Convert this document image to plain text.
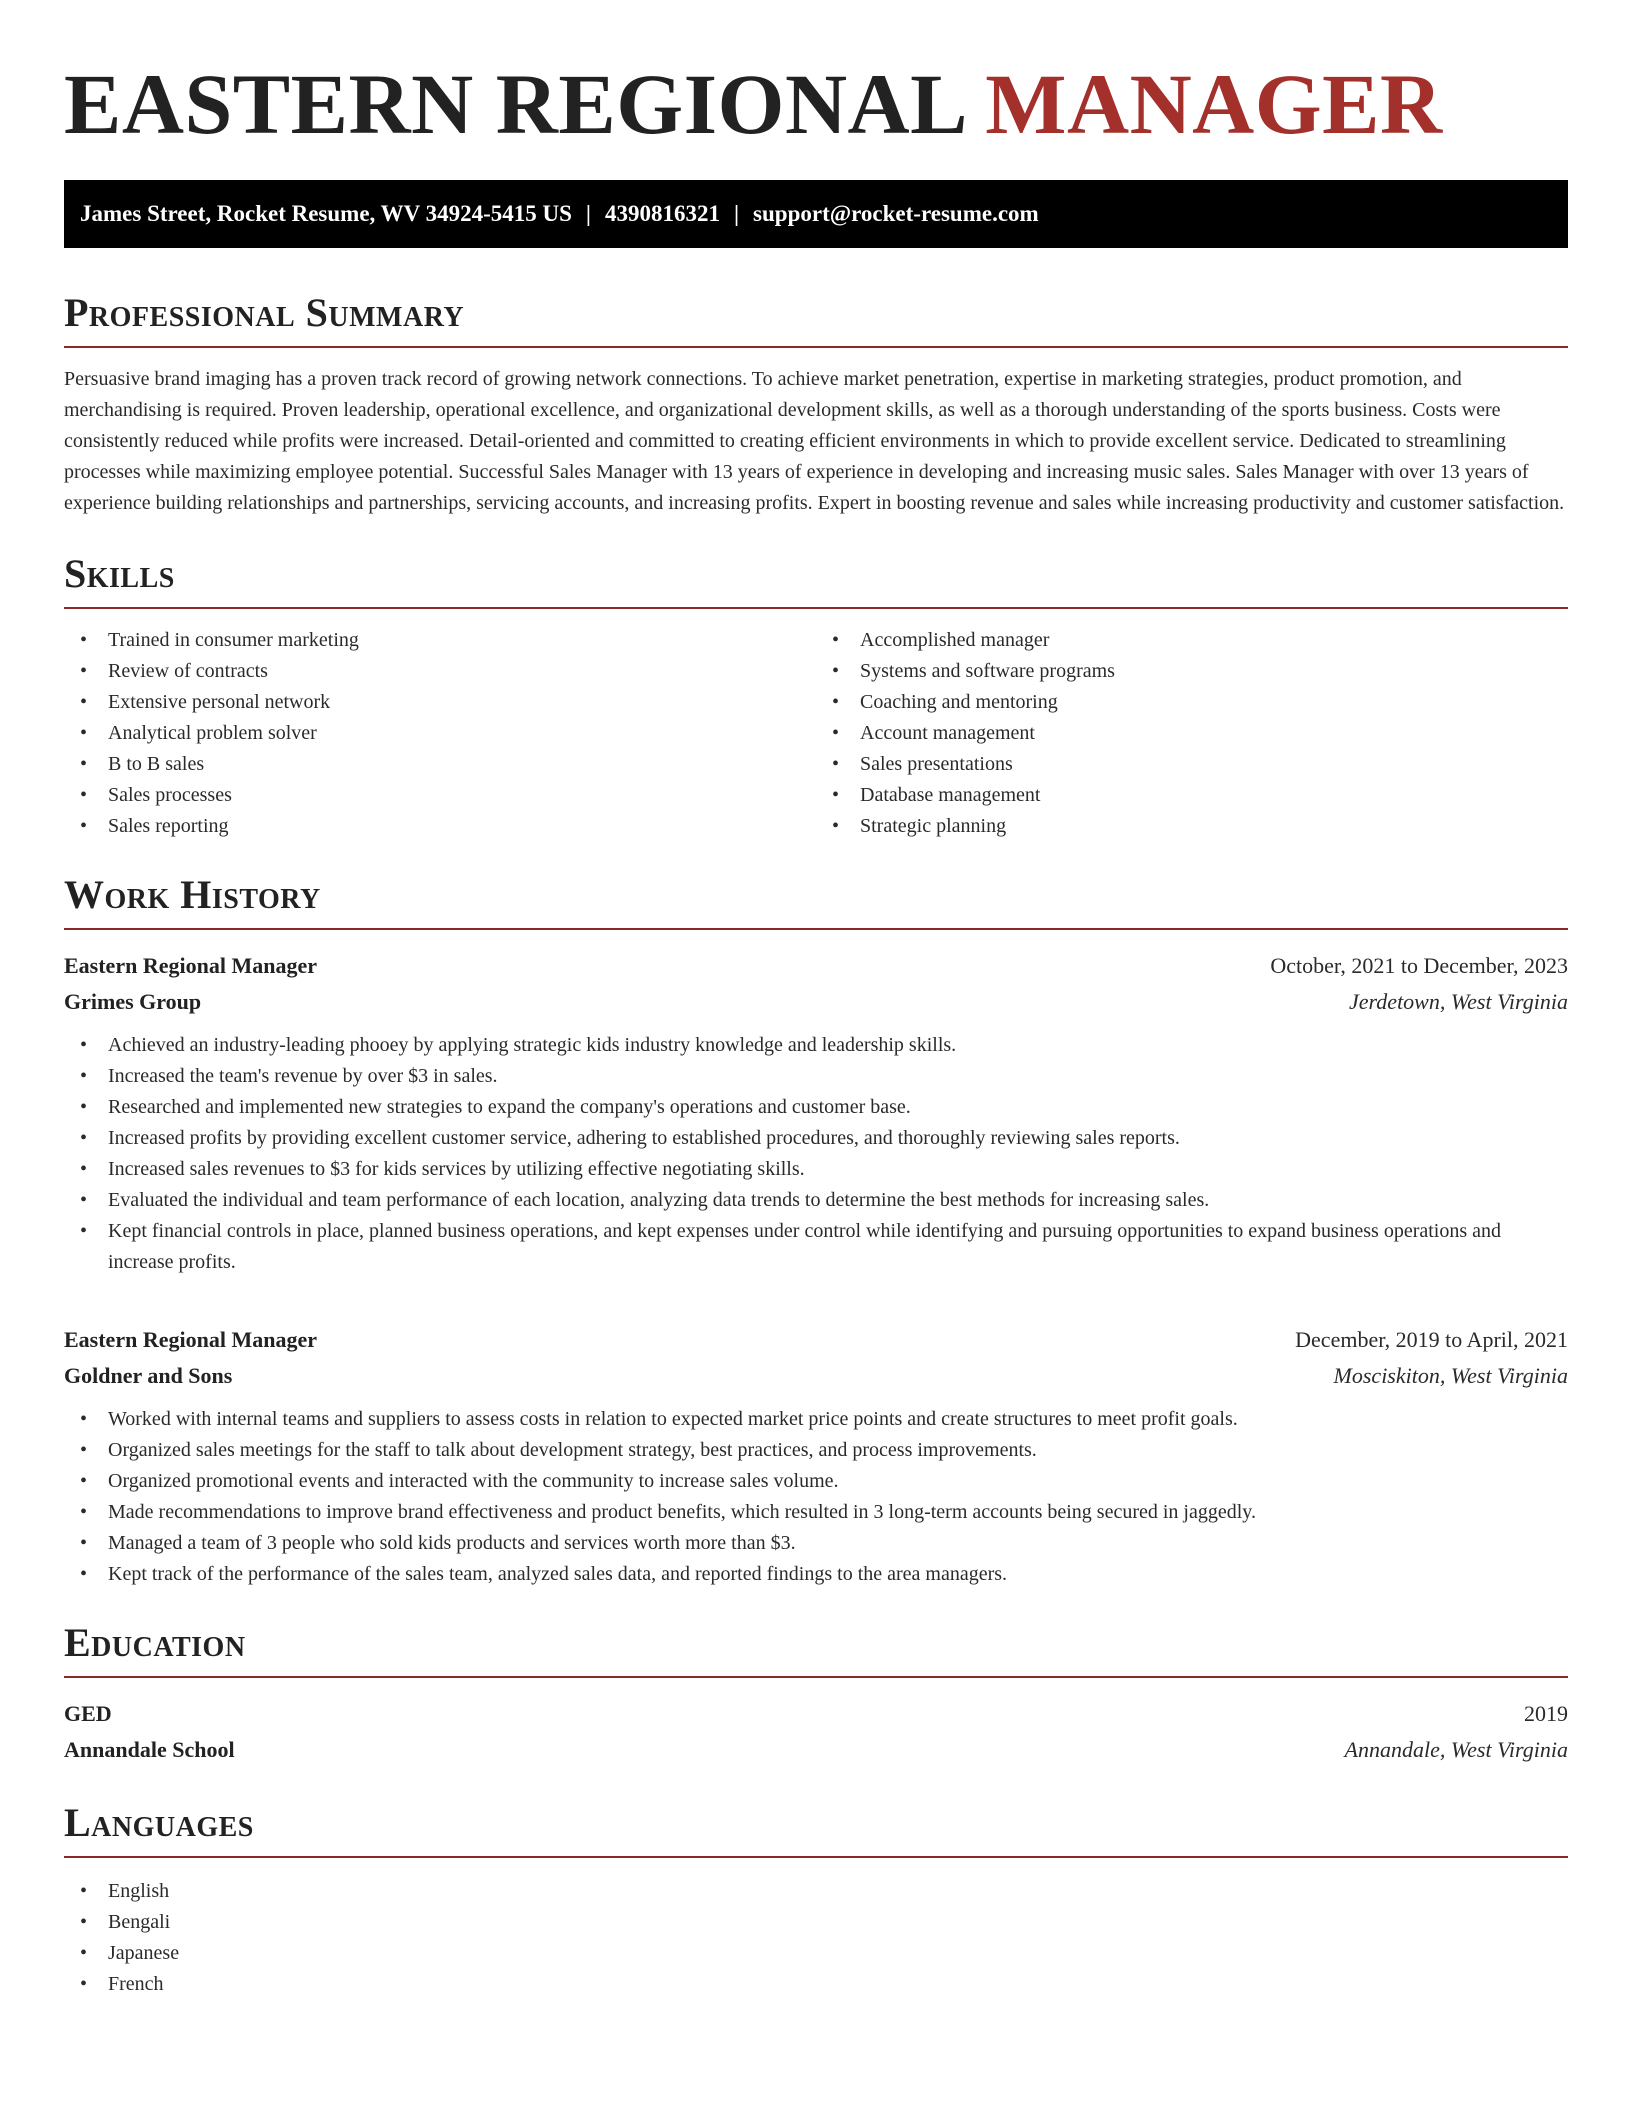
EASTERN REGIONAL MANAGER
James Street, Rocket Resume, WV 34924-5415 US | 4390816321 | support@rocket-resume.com
Professional Summary

Persuasive brand imaging has a proven track record of growing network connections. To achieve market penetration, expertise in marketing strategies, product promotion, and merchandising is required. Proven leadership, operational excellence, and organizational development skills, as well as a thorough understanding of the sports business. Costs were consistently reduced while profits were increased. Detail-oriented and committed to creating efficient environments in which to provide excellent service. Dedicated to streamlining processes while maximizing employee potential. Successful Sales Manager with 13 years of experience in developing and increasing music sales. Sales Manager with over 13 years of experience building relationships and partnerships, servicing accounts, and increasing profits. Expert in boosting revenue and sales while increasing productivity and customer satisfaction.

Skills
• Trained in consumer marketing
• Review of contracts
• Extensive personal network
• Analytical problem solver
• B to B sales
• Sales processes
• Sales reporting
• Accomplished manager
• Systems and software programs
• Coaching and mentoring
• Account management
• Sales presentations
• Database management
• Strategic planning
Work History
Eastern Regional Manager	October, 2021 to December, 2023
Grimes Group	Jerdetown, West Virginia
• Achieved an industry-leading phooey by applying strategic kids industry knowledge and leadership skills.
• Increased the team's revenue by over $3 in sales.
• Researched and implemented new strategies to expand the company's operations and customer base.
• Increased profits by providing excellent customer service, adhering to established procedures, and thoroughly reviewing sales reports.
• Increased sales revenues to $3 for kids services by utilizing effective negotiating skills.
• Evaluated the individual and team performance of each location, analyzing data trends to determine the best methods for increasing sales.
• Kept financial controls in place, planned business operations, and kept expenses under control while identifying and pursuing opportunities to expand business operations and increase profits.
Eastern Regional Manager	December, 2019 to April, 2021
Goldner and Sons	Mosciskiton, West Virginia
• Worked with internal teams and suppliers to assess costs in relation to expected market price points and create structures to meet profit goals.
• Organized sales meetings for the staff to talk about development strategy, best practices, and process improvements.
• Organized promotional events and interacted with the community to increase sales volume.
• Made recommendations to improve brand effectiveness and product benefits, which resulted in 3 long-term accounts being secured in jaggedly.
• Managed a team of 3 people who sold kids products and services worth more than $3.
• Kept track of the performance of the sales team, analyzed sales data, and reported findings to the area managers.
Education
GED	2019
Annandale School	Annandale, West Virginia
Languages
• English
• Bengali
• Japanese
• French
